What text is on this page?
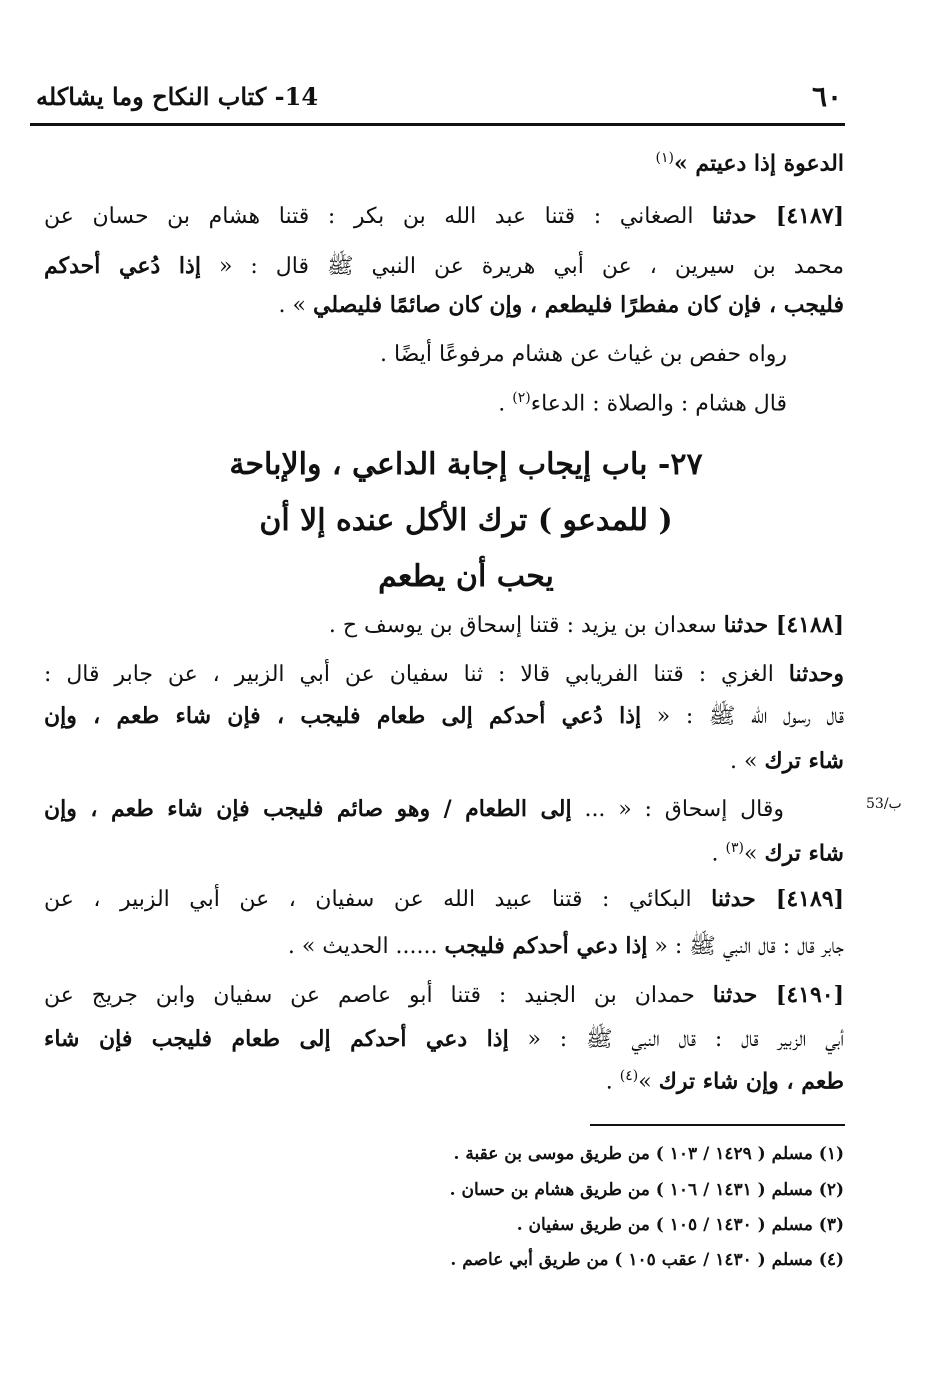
٦٠
14- كتاب النكاح وما يشاكله
الدعوة إذا دعيتم »$^{(١)}$
[٤١٨٧] حدثنا الصغاني : قتنا عبد الله بن بكر : قتنا هشام بن حسان عن
محمد بن سيرين ، عن أبي هريرة عن النبي ﷺ قال : « إذا دُعي أحدكم
فليجب ، فإن كان مفطرًا فليطعم ، وإن كان صائمًا فليصلي » .
رواه حفص بن غياث عن هشام مرفوعًا أيضًا .
قال هشام : والصلاة : الدعاء$^{(٢)}$ .
٢٧- باب إيجاب إجابة الداعي ، والإباحة
( للمدعو ) ترك الأكل عنده إلا أن
يحب أن يطعم
[٤١٨٨] حدثنا سعدان بن يزيد : قتنا إسحاق بن يوسف ح .
وحدثنا الغزي : قتنا الفريابي قالا : ثنا سفيان عن أبي الزبير ، عن جابر قال :
قال رسول الله ﷺ : « إذا دُعي أحدكم إلى طعام فليجب ، فإن شاء طعم ، وإن
شاء ترك » .
وقال إسحاق : « ... إلى الطعام / وهو صائم فليجب فإن شاء طعم ، وإن	53/ب
شاء ترك »$^{(٣)}$ .
[٤١٨٩] حدثنا البكائي : قتنا عبيد الله عن سفيان ، عن أبي الزبير ، عن
جابر قال : قال النبي ﷺ : « إذا دعي أحدكم فليجب ...... الحديث » .
[٤١٩٠] حدثنا حمدان بن الجنيد : قتنا أبو عاصم عن سفيان وابن جريج عن
أبي الزبير قال : قال النبي ﷺ : « إذا دعي أحدكم إلى طعام فليجب فإن شاء
طعم ، وإن شاء ترك »$^{(٤)}$ .
(١) مسلم ( ١٤٢٩ / ١٠٣ ) من طريق موسى بن عقبة .
(٢) مسلم ( ١٤٣١ / ١٠٦ ) من طريق هشام بن حسان .
(٣) مسلم ( ١٤٣٠ / ١٠٥ ) من طريق سفيان .
(٤) مسلم ( ١٤٣٠ / عقب ١٠٥ ) من طريق أبي عاصم .
